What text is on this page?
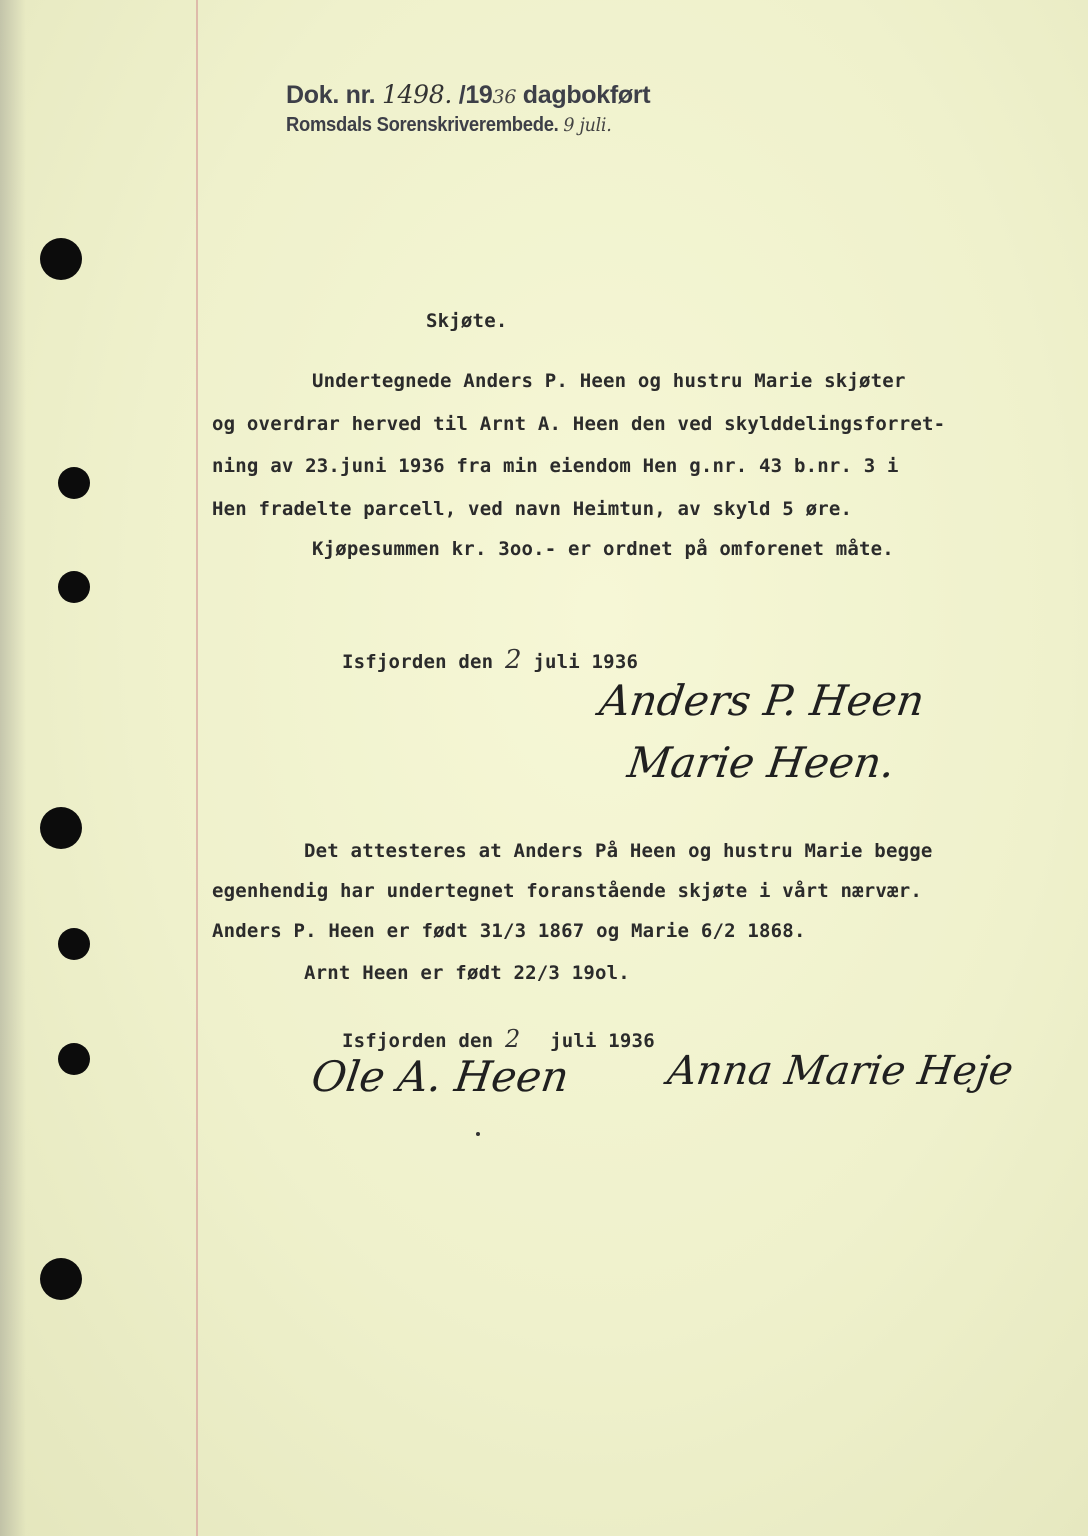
Dok. nr. 1498. /1936 dagbokført
Romsdals Sorenskriverembede. 9 juli.
Skjøte.
Undertegnede Anders P. Heen og hustru Marie skjøter
og overdrar herved til Arnt A. Heen den ved skylddelingsforret-
ning av 23.juni 1936 fra min eiendom Hen g.nr. 43 b.nr. 3 i
Hen fradelte parcell, ved navn Heimtun, av skyld 5 øre.
Kjøpesummen kr. 3oo.- er ordnet på omforenet måte.
Isfjorden den 2 juli 1936
Anders P. Heen
Marie Heen.
Det attesteres at Anders På Heen og hustru Marie begge
egenhendig har undertegnet foranstående skjøte i vårt nærvær.
Anders P. Heen er født 31/3 1867 og Marie 6/2 1868.
Arnt Heen er født 22/3 19ol.
Isfjorden den 2 juli 1936
Ole A. Heen Anna Marie Heje
